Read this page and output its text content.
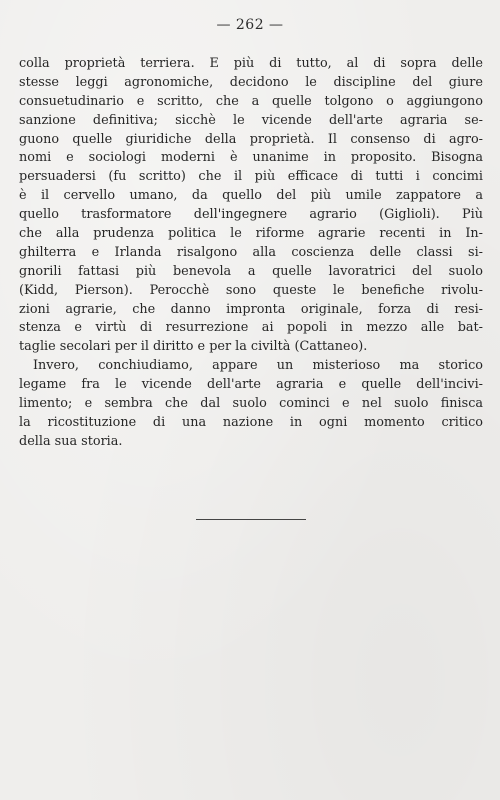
— 262 —
colla proprietà terriera. E più di tutto, al di sopra delle
stesse leggi agronomiche, decidono le discipline del giure
consuetudinario e scritto, che a quelle tolgono o aggiungono
sanzione definitiva; sicchè le vicende dell'arte agraria se-
guono quelle giuridiche della proprietà. Il consenso di agro-
nomi e sociologi moderni è unanime in proposito. Bisogna
persuadersi (fu scritto) che il più efficace di tutti i concimi
è il cervello umano, da quello del più umile zappatore a
quello trasformatore dell'ingegnere agrario (Giglioli). Più
che alla prudenza politica le riforme agrarie recenti in In-
ghilterra e Irlanda risalgono alla coscienza delle classi si-
gnorili fattasi più benevola a quelle lavoratrici del suolo
(Kidd, Pierson). Perocchè sono queste le benefiche rivolu-
zioni agrarie, che danno impronta originale, forza di resi-
stenza e virtù di resurrezione ai popoli in mezzo alle bat-
taglie secolari per il diritto e per la civiltà (Cattaneo).
Invero, conchiudiamo, appare un misterioso ma storico
legame fra le vicende dell'arte agraria e quelle dell'incivi-
limento; e sembra che dal suolo cominci e nel suolo finisca
la ricostituzione di una nazione in ogni momento critico
della sua storia.
